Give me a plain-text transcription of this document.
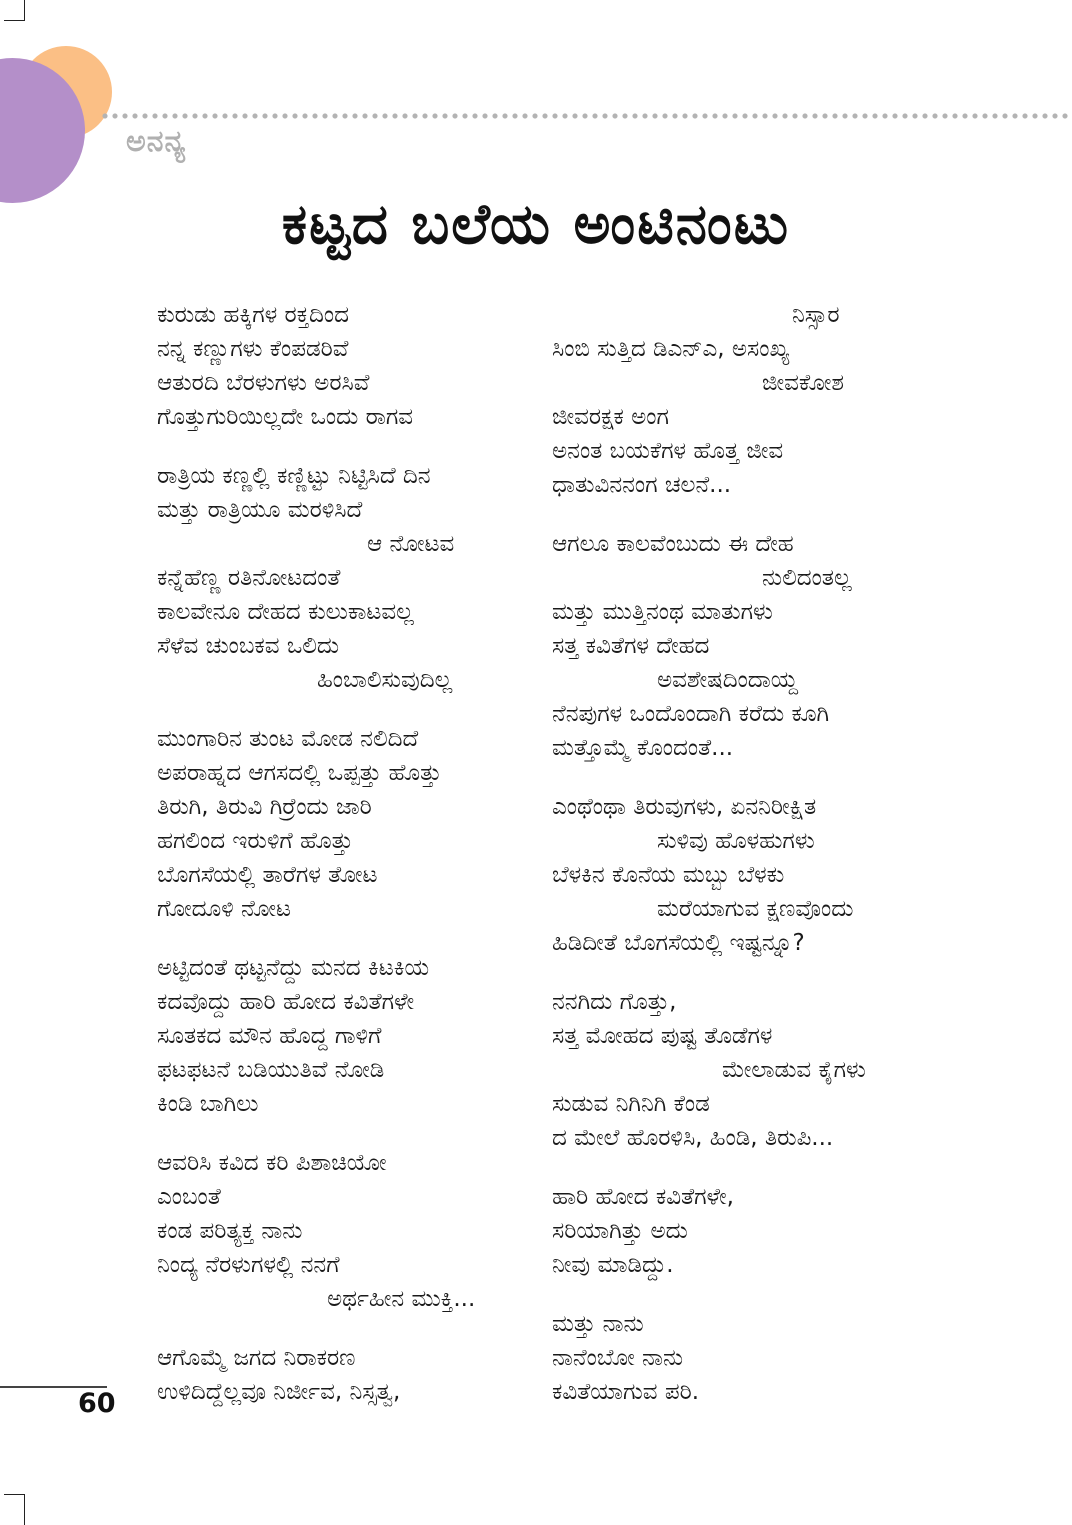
ಅನನ್ಯ
ಕಟ್ಟದ ಬಲೆಯ ಅಂಟಿನಂಟು
ಕುರುಡು ಹಕ್ಕಿಗಳ ರಕ್ತದಿಂದ
ನನ್ನ ಕಣ್ಣುಗಳು ಕೆಂಪಡರಿವೆ
ಆತುರದಿ ಬೆರಳುಗಳು ಅರಸಿವೆ
ಗೊತ್ತುಗುರಿಯಿಲ್ಲದೇ ಒಂದು ರಾಗವ
ರಾತ್ರಿಯ ಕಣ್ಣಲ್ಲಿ ಕಣ್ಣಿಟ್ಟು ನಿಟ್ಟಿಸಿದೆ ದಿನ
ಮತ್ತು ರಾತ್ರಿಯೂ ಮರಳಿಸಿದೆ
ಆ ನೋಟವ
ಕನ್ನೆಹೆಣ್ಣ ರತಿನೋಟದಂತೆ
ಕಾಲವೇನೂ ದೇಹದ ಕುಲುಕಾಟವಲ್ಲ
ಸೆಳೆವ ಚುಂಬಕವ ಒಲಿದು
ಹಿಂಬಾಲಿಸುವುದಿಲ್ಲ
ಮುಂಗಾರಿನ ತುಂಟ ಮೋಡ ನಲಿದಿದೆ
ಅಪರಾಹ್ನದ ಆಗಸದಲ್ಲಿ ಒಪ್ಪತ್ತು ಹೊತ್ತು
ತಿರುಗಿ, ತಿರುವಿ ಗಿರ್ರೆಂದು ಜಾರಿ
ಹಗಲಿಂದ ಇರುಳಿಗೆ ಹೊತ್ತು
ಬೊಗಸೆಯಲ್ಲಿ ತಾರೆಗಳ ತೋಟ
ಗೋದೂಳಿ ನೋಟ
ಅಟ್ಟಿದಂತೆ ಥಟ್ಟನೆದ್ದು ಮನದ ಕಿಟಕಿಯ
ಕದವೊದ್ದು ಹಾರಿ ಹೋದ ಕವಿತೆಗಳೇ
ಸೂತಕದ ಮೌನ ಹೊದ್ದ ಗಾಳಿಗೆ
ಫಟಫಟನೆ ಬಡಿಯುತಿವೆ ನೋಡಿ
ಕಿಂಡಿ ಬಾಗಿಲು
ಆವರಿಸಿ ಕವಿದ ಕರಿ ಪಿಶಾಚಿಯೋ
ಎಂಬಂತೆ
ಕಂಡ ಪರಿತ್ಯಕ್ತ ನಾನು
ನಿಂದ್ಯ ನೆರಳುಗಳಲ್ಲಿ ನನಗೆ
ಅರ್ಥಹೀನ ಮುಕ್ತಿ...
ಆಗೊಮ್ಮೆ ಜಗದ ನಿರಾಕರಣ
ಉಳಿದಿದ್ದೆಲ್ಲವೂ ನಿರ್ಜೀವ, ನಿಸ್ಸತ್ವ,
ನಿಸ್ಸಾರ
ಸಿಂಬಿ ಸುತ್ತಿದ ಡಿಎನ್ಎ, ಅಸಂಖ್ಯ
ಜೀವಕೋಶ
ಜೀವರಕ್ಷಕ ಅಂಗ
ಅನಂತ ಬಯಕೆಗಳ ಹೊತ್ತ ಜೀವ
ಧಾತುವಿನನಂಗ ಚಲನೆ...
ಆಗಲೂ ಕಾಲವೆಂಬುದು ಈ ದೇಹ
ನುಲಿದಂತಲ್ಲ
ಮತ್ತು ಮುತ್ತಿನಂಥ ಮಾತುಗಳು
ಸತ್ತ ಕವಿತೆಗಳ ದೇಹದ
ಅವಶೇಷದಿಂದಾಯ್ದ
ನೆನಪುಗಳ ಒಂದೊಂದಾಗಿ ಕರೆದು ಕೂಗಿ
ಮತ್ತೊಮ್ಮೆ ಕೊಂದಂತೆ...
ಎಂಥೆಂಥಾ ತಿರುವುಗಳು, ಏನನಿರೀಕ್ಷಿತ
ಸುಳಿವು ಹೊಳಹುಗಳು
ಬೆಳಕಿನ ಕೊನೆಯ ಮಬ್ಬು ಬೆಳಕು
ಮರೆಯಾಗುವ ಕ್ಷಣವೊಂದು
ಹಿಡಿದೀತೆ ಬೊಗಸೆಯಲ್ಲಿ ಇಷ್ಟನ್ನೂ?
ನನಗಿದು ಗೊತ್ತು,
ಸತ್ತ ಮೋಹದ ಪುಷ್ಟ ತೊಡೆಗಳ
ಮೇಲಾಡುವ ಕೈಗಳು
ಸುಡುವ ನಿಗಿನಿಗಿ ಕೆಂಡ
ದ ಮೇಲೆ ಹೊರಳಿಸಿ, ಹಿಂಡಿ, ತಿರುಪಿ...
ಹಾರಿ ಹೋದ ಕವಿತೆಗಳೇ,
ಸರಿಯಾಗಿತ್ತು ಅದು
ನೀವು ಮಾಡಿದ್ದು.
ಮತ್ತು ನಾನು
ನಾನೆಂಬೋ ನಾನು
ಕವಿತೆಯಾಗುವ ಪರಿ.
60
